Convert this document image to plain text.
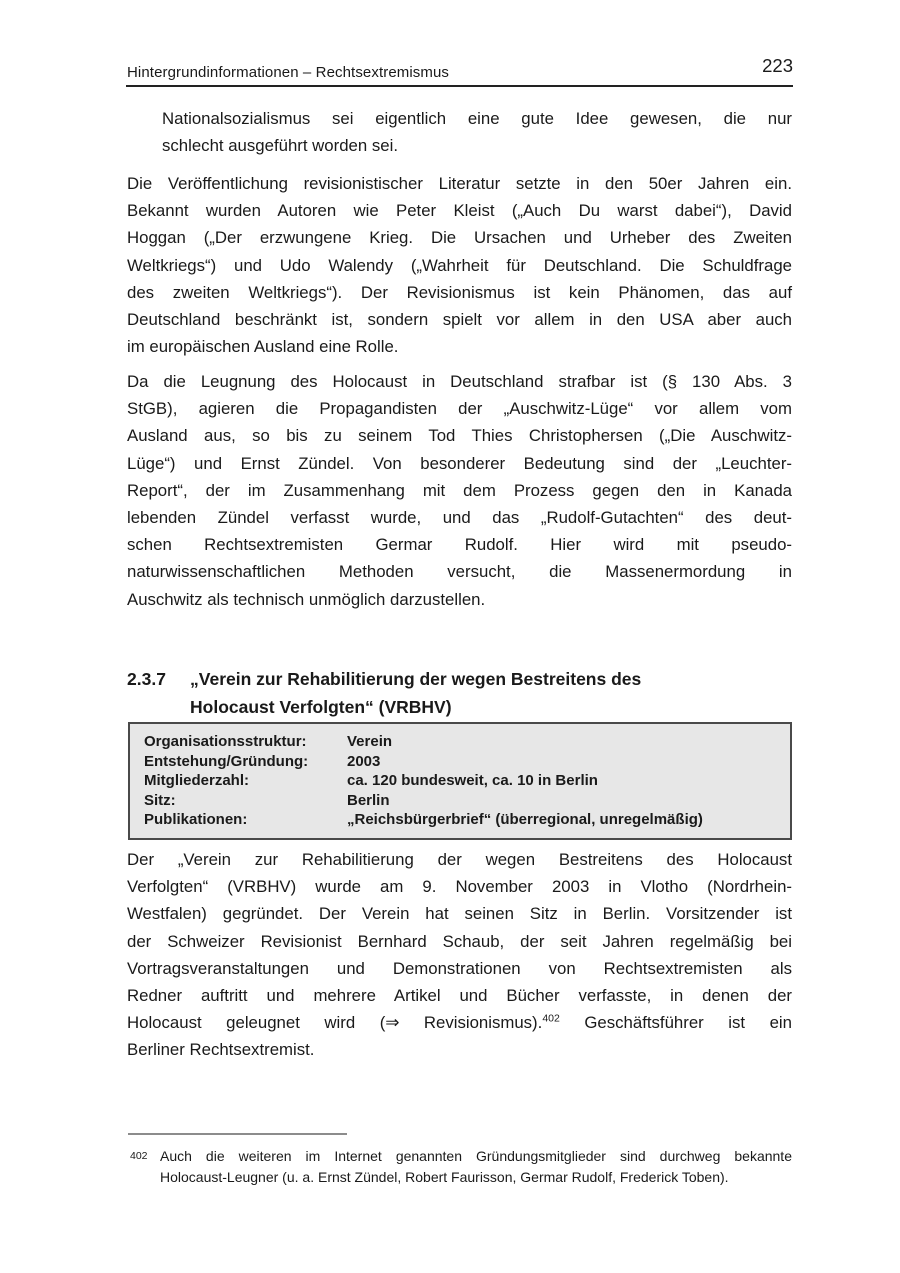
Hintergrundinformationen – Rechtsextremismus	223
Nationalsozialismus sei eigentlich eine gute Idee gewesen, die nur
schlecht ausgeführt worden sei.
Die Veröffentlichung revisionistischer Literatur setzte in den 50er Jahren ein.
Bekannt wurden Autoren wie Peter Kleist („Auch Du warst dabei“), David
Hoggan („Der erzwungene Krieg. Die Ursachen und Urheber des Zweiten
Weltkriegs“) und Udo Walendy („Wahrheit für Deutschland. Die Schuldfrage
des zweiten Weltkriegs“). Der Revisionismus ist kein Phänomen, das auf
Deutschland beschränkt ist, sondern spielt vor allem in den USA aber auch
im europäischen Ausland eine Rolle.
Da die Leugnung des Holocaust in Deutschland strafbar ist (§ 130 Abs. 3
StGB), agieren die Propagandisten der „Auschwitz-Lüge“ vor allem vom
Ausland aus, so bis zu seinem Tod Thies Christophersen („Die Auschwitz-
Lüge“) und Ernst Zündel. Von besonderer Bedeutung sind der „Leuchter-
Report“, der im Zusammenhang mit dem Prozess gegen den in Kanada
lebenden Zündel verfasst wurde, und das „Rudolf-Gutachten“ des deut-
schen Rechtsextremisten Germar Rudolf. Hier wird mit pseudo-
naturwissenschaftlichen Methoden versucht, die Massenermordung in
Auschwitz als technisch unmöglich darzustellen.
2.3.7	„Verein zur Rehabilitierung der wegen Bestreitens des
Holocaust Verfolgten“ (VRBHV)
Organisationsstruktur:	Verein
Entstehung/Gründung:	2003
Mitgliederzahl:	ca. 120 bundesweit, ca. 10 in Berlin
Sitz:	Berlin
Publikationen:	„Reichsbürgerbrief“ (überregional, unregelmäßig)
Der „Verein zur Rehabilitierung der wegen Bestreitens des Holocaust
Verfolgten“ (VRBHV) wurde am 9. November 2003 in Vlotho (Nordrhein-
Westfalen) gegründet. Der Verein hat seinen Sitz in Berlin. Vorsitzender ist
der Schweizer Revisionist Bernhard Schaub, der seit Jahren regelmäßig bei
Vortragsveranstaltungen und Demonstrationen von Rechtsextremisten als
Redner auftritt und mehrere Artikel und Bücher verfasste, in denen der
Holocaust geleugnet wird (⇒ Revisionismus).$^{402}$ Geschäftsführer ist ein
Berliner Rechtsextremist.
402 Auch die weiteren im Internet genannten Gründungsmitglieder sind durchweg bekannte
Holocaust-Leugner (u. a. Ernst Zündel, Robert Faurisson, Germar Rudolf, Frederick Toben).
